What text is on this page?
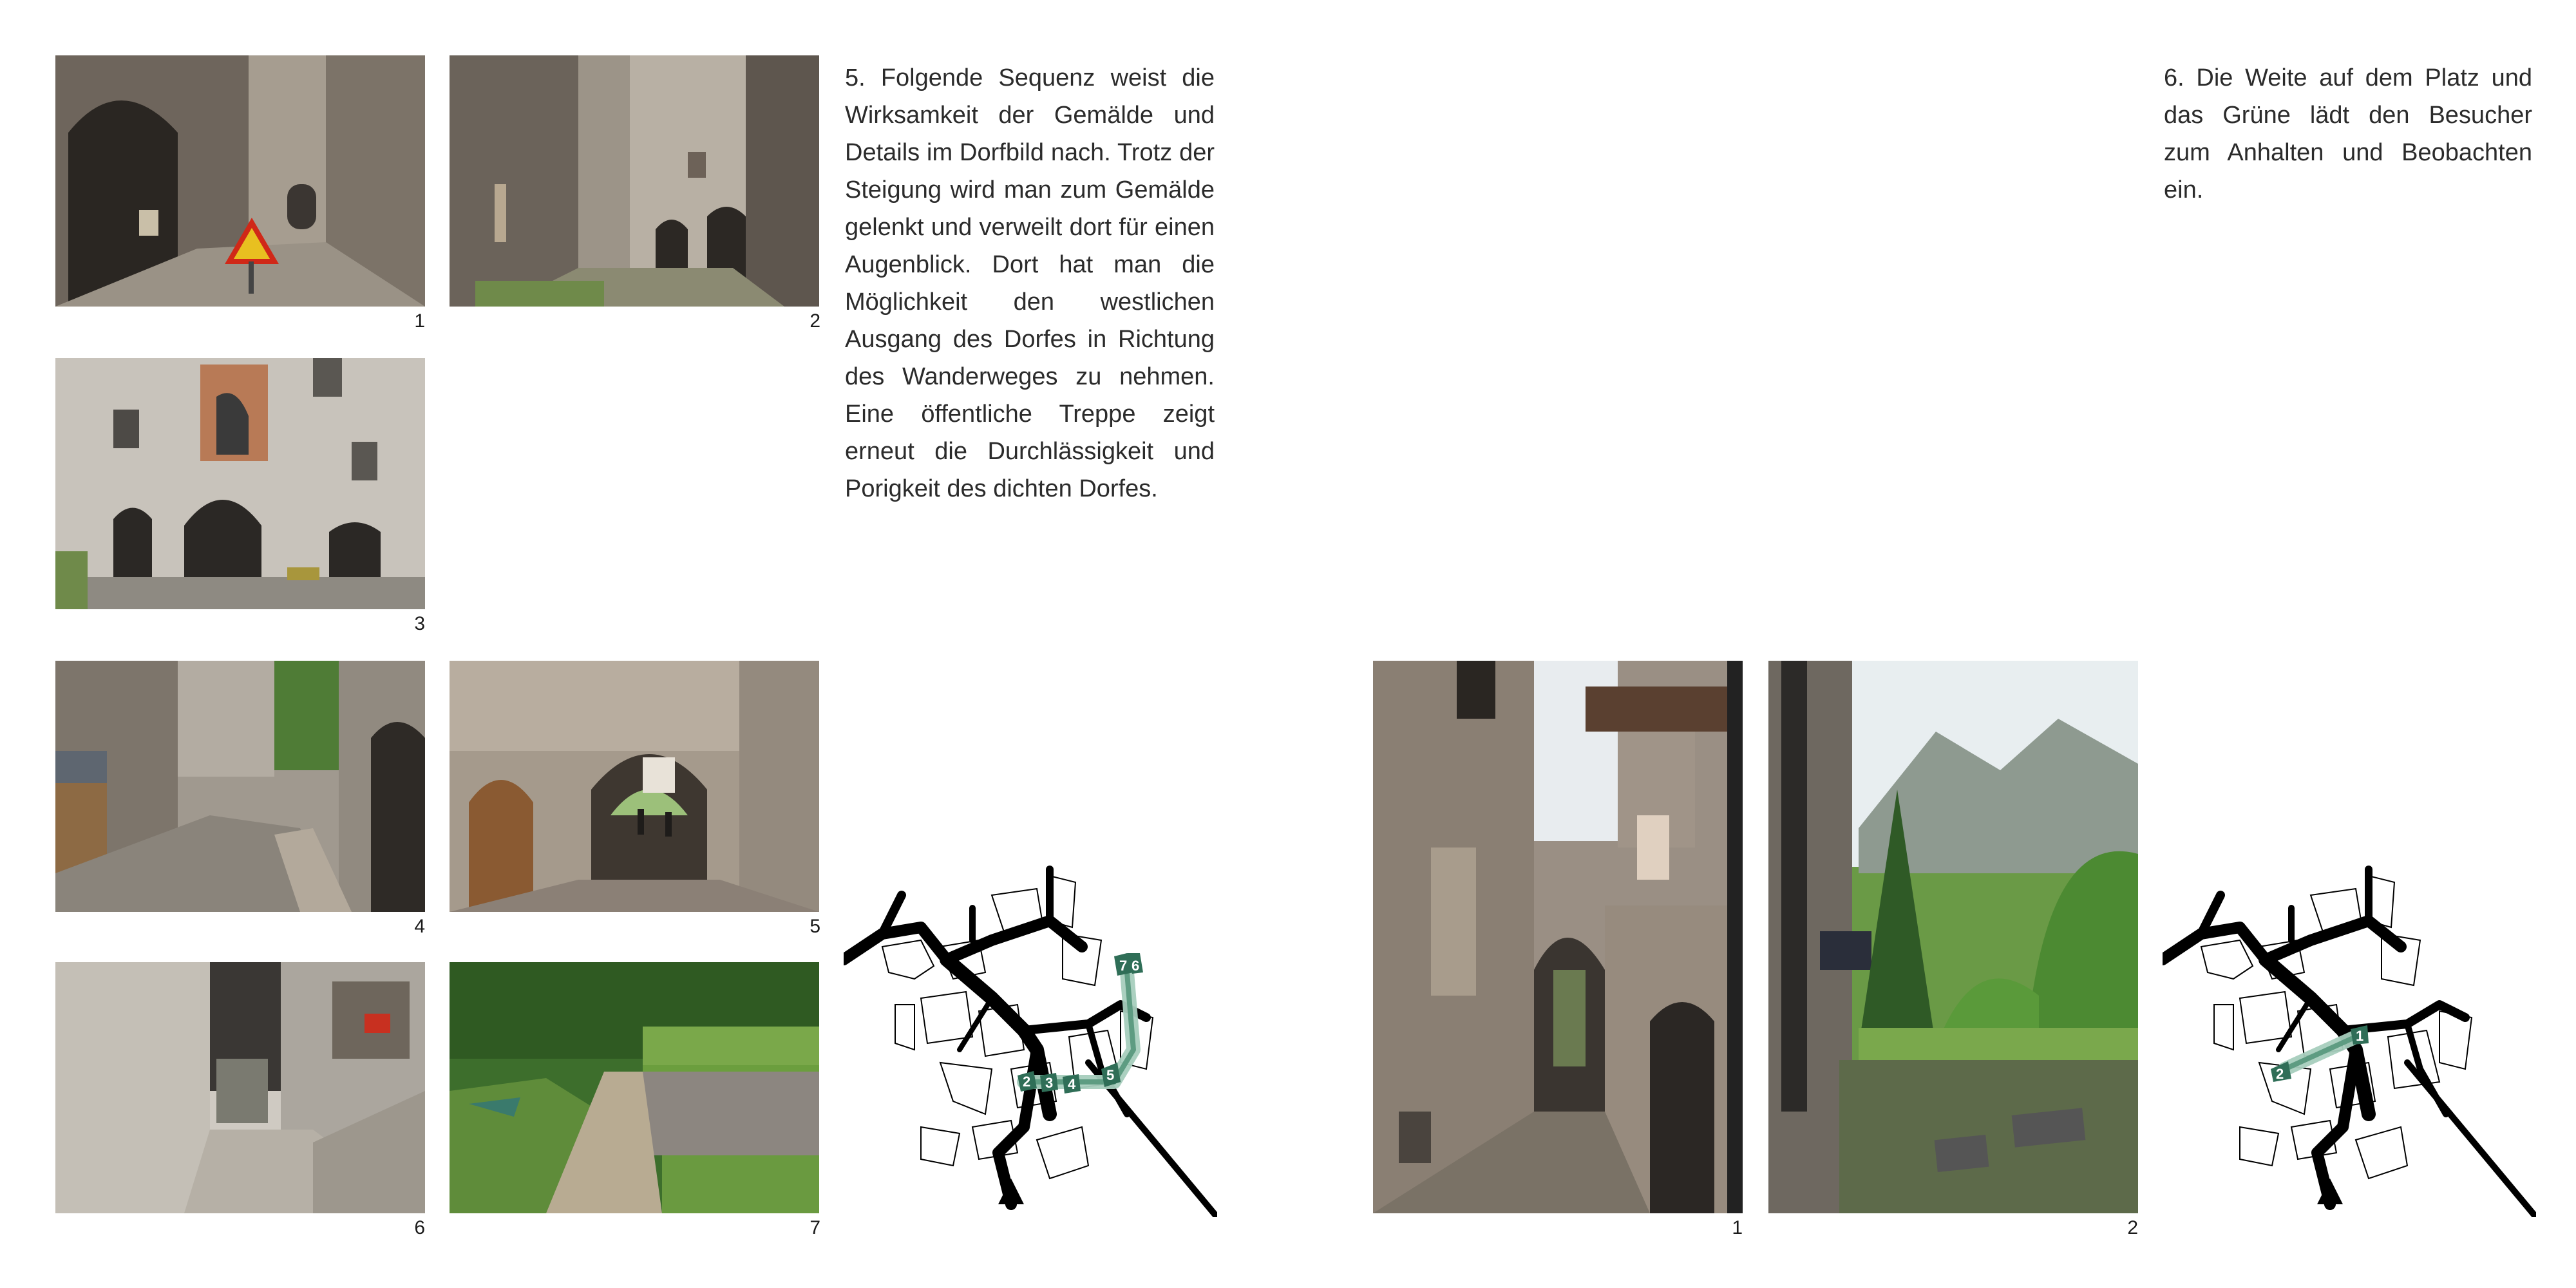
1	2
3
5. Folgende Sequenz weist die Wirksamkeit der Gemälde und Details im Dorfbild nach. Trotz der Steigung wird man zum Gemälde gelenkt und verweilt dort für einen Augenblick. Dort hat man die Möglichkeit den westlichen Ausgang des Dorfes in Richtung des Wanderweges zu nehmen. Eine öffentliche Treppe zeigt erneut die Durchlässigkeit und Porigkeit des dichten Dorfes.
4	5
6	7
7 6
2 3 4
5
1	2
6. Die Weite auf dem Platz und das Grüne lädt den Besucher zum Anhalten und Beobachten ein.
2
1
